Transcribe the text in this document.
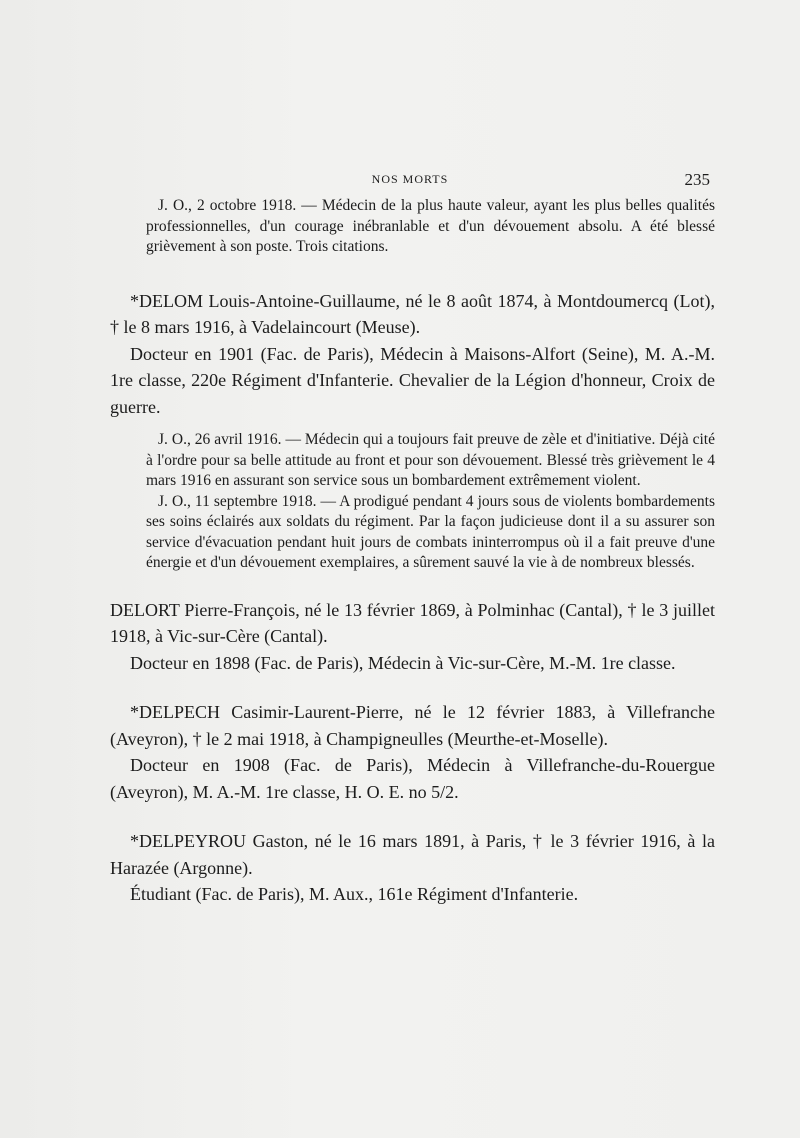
NOS MORTS	235

J. O., 2 octobre 1918. — Médecin de la plus haute valeur, ayant les plus belles qualités professionnelles, d'un courage inébranlable et d'un dévouement absolu. A été blessé grièvement à son poste. Trois citations.

*DELOM Louis-Antoine-Guillaume, né le 8 août 1874, à Montdoumercq (Lot), † le 8 mars 1916, à Vadelaincourt (Meuse).

Docteur en 1901 (Fac. de Paris), Médecin à Maisons-Alfort (Seine), M. A.-M. 1re classe, 220e Régiment d'Infanterie. Chevalier de la Légion d'honneur, Croix de guerre.

J. O., 26 avril 1916. — Médecin qui a toujours fait preuve de zèle et d'initiative. Déjà cité à l'ordre pour sa belle attitude au front et pour son dévouement. Blessé très grièvement le 4 mars 1916 en assurant son service sous un bombardement extrêmement violent.

J. O., 11 septembre 1918. — A prodigué pendant 4 jours sous de violents bombardements ses soins éclairés aux soldats du régiment. Par la façon judicieuse dont il a su assurer son service d'évacuation pendant huit jours de combats ininterrompus où il a fait preuve d'une énergie et d'un dévouement exemplaires, a sûrement sauvé la vie à de nombreux blessés.

DELORT Pierre-François, né le 13 février 1869, à Polminhac (Cantal), † le 3 juillet 1918, à Vic-sur-Cère (Cantal).

Docteur en 1898 (Fac. de Paris), Médecin à Vic-sur-Cère, M.-M. 1re classe.

*DELPECH Casimir-Laurent-Pierre, né le 12 février 1883, à Villefranche (Aveyron), † le 2 mai 1918, à Champigneulles (Meurthe-et-Moselle).

Docteur en 1908 (Fac. de Paris), Médecin à Villefranche-du-Rouergue (Aveyron), M. A.-M. 1re classe, H. O. E. no 5/2.

*DELPEYROU Gaston, né le 16 mars 1891, à Paris, † le 3 février 1916, à la Harazée (Argonne).

Étudiant (Fac. de Paris), M. Aux., 161e Régiment d'Infanterie.
